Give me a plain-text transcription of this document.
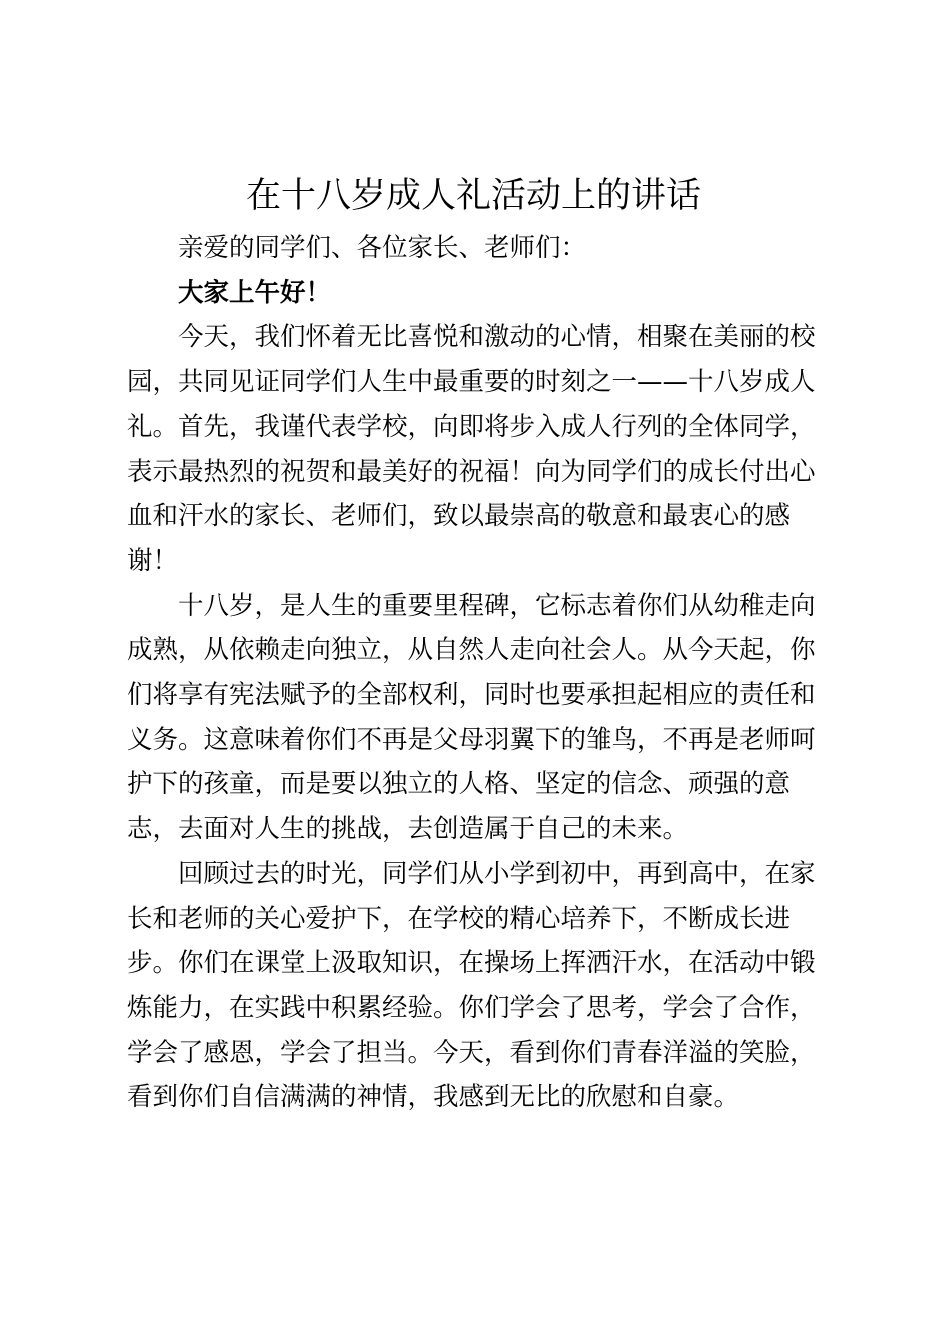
在十八岁成人礼活动上的讲话

亲爱的同学们、各位家长、老师们：

大家上午好！

今天，我们怀着无比喜悦和激动的心情，相聚在美丽的校

园，共同见证同学们人生中最重要的时刻之一——十八岁成人

礼。首先，我谨代表学校，向即将步入成人行列的全体同学，

表示最热烈的祝贺和最美好的祝福！向为同学们的成长付出心

血和汗水的家长、老师们，致以最崇高的敬意和最衷心的感

谢！

十八岁，是人生的重要里程碑，它标志着你们从幼稚走向

成熟，从依赖走向独立，从自然人走向社会人。从今天起，你

们将享有宪法赋予的全部权利，同时也要承担起相应的责任和

义务。这意味着你们不再是父母羽翼下的雏鸟，不再是老师呵

护下的孩童，而是要以独立的人格、坚定的信念、顽强的意

志，去面对人生的挑战，去创造属于自己的未来。

回顾过去的时光，同学们从小学到初中，再到高中，在家

长和老师的关心爱护下，在学校的精心培养下，不断成长进

步。你们在课堂上汲取知识，在操场上挥洒汗水，在活动中锻

炼能力，在实践中积累经验。你们学会了思考，学会了合作，

学会了感恩，学会了担当。今天，看到你们青春洋溢的笑脸，

看到你们自信满满的神情，我感到无比的欣慰和自豪。
